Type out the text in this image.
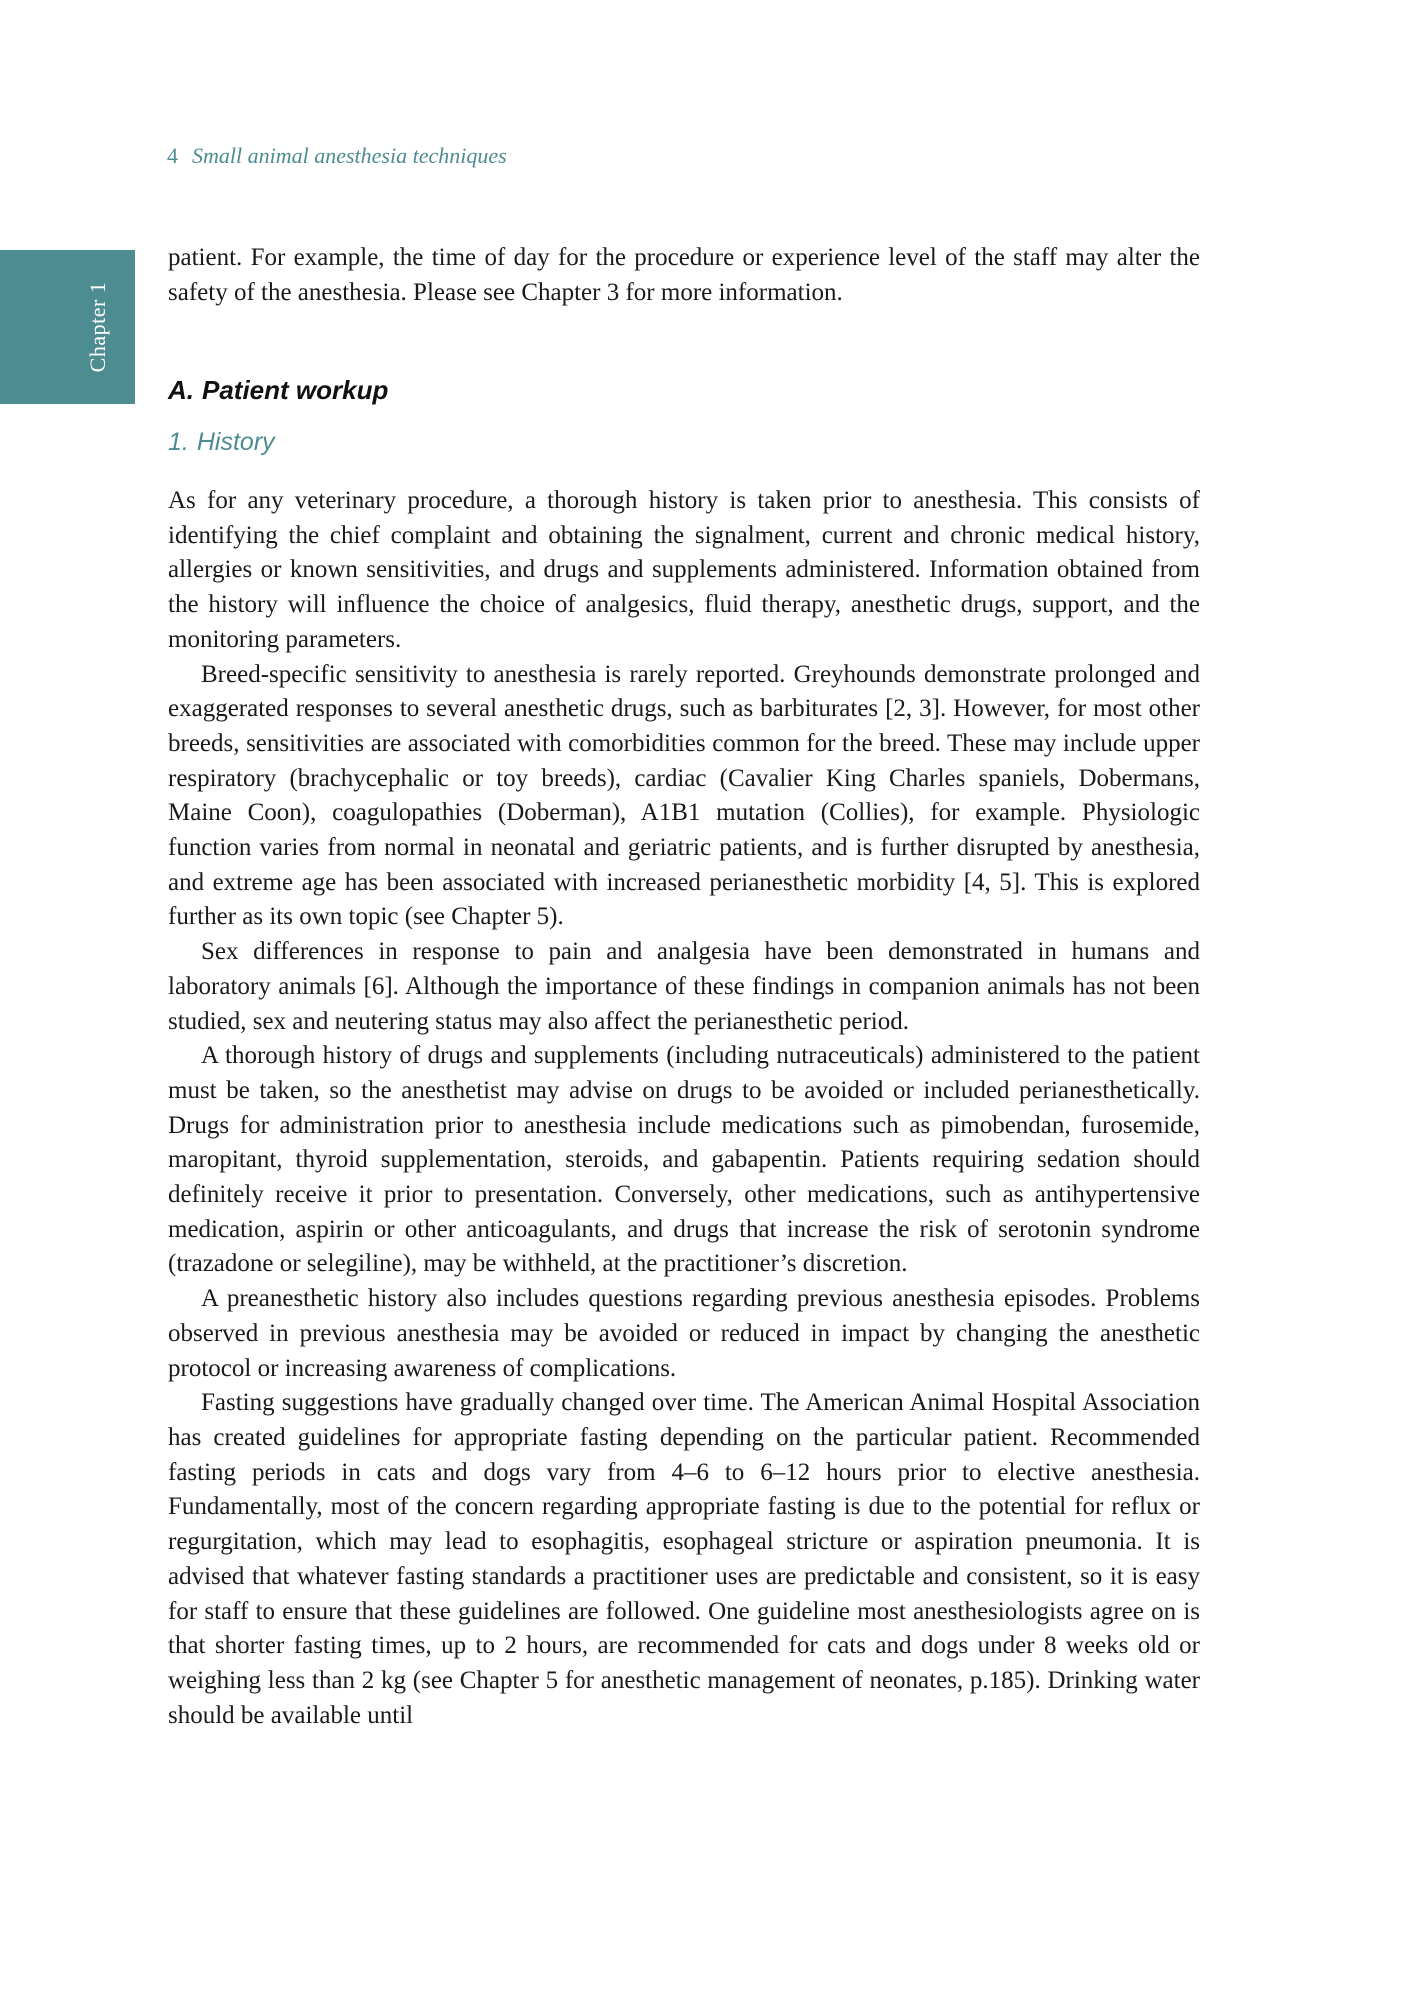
4 Small animal anesthesia techniques
Chapter 1
patient. For example, the time of day for the procedure or experience level of the staff may alter the safety of the anesthesia. Please see Chapter 3 for more information.
A. Patient workup
1. History

As for any veterinary procedure, a thorough history is taken prior to anesthesia. This consists of identifying the chief complaint and obtaining the signalment, current and chronic medical history, allergies or known sensitivities, and drugs and supplements administered. Information obtained from the history will influence the choice of analgesics, fluid therapy, anesthetic drugs, support, and the monitoring parameters.

Breed-specific sensitivity to anesthesia is rarely reported. Greyhounds demonstrate prolonged and exaggerated responses to several anesthetic drugs, such as barbiturates [2, 3]. However, for most other breeds, sensitivities are associated with comorbidities common for the breed. These may include upper respiratory (brachycephalic or toy breeds), cardiac (Cavalier King Charles spaniels, Dobermans, Maine Coon), coagulopathies (Doberman), A1B1 mutation (Collies), for example. Physiologic function varies from normal in neonatal and geriatric patients, and is further disrupted by anesthesia, and extreme age has been associated with increased perianesthetic morbidity [4, 5]. This is explored further as its own topic (see Chapter 5).

Sex differences in response to pain and analgesia have been demonstrated in humans and laboratory animals [6]. Although the importance of these findings in companion animals has not been studied, sex and neutering status may also affect the perianesthetic period.

A thorough history of drugs and supplements (including nutraceuticals) administered to the patient must be taken, so the anesthetist may advise on drugs to be avoided or included perianesthetically. Drugs for administration prior to anesthesia include medications such as pimobendan, furosemide, maropitant, thyroid supplementation, steroids, and gabapentin. Patients requiring sedation should definitely receive it prior to presentation. Conversely, other medications, such as antihypertensive medication, aspirin or other anticoagulants, and drugs that increase the risk of serotonin syndrome (trazadone or selegiline), may be withheld, at the practitioner’s discretion.

A preanesthetic history also includes questions regarding previous anesthesia episodes. Problems observed in previous anesthesia may be avoided or reduced in impact by changing the anesthetic protocol or increasing awareness of complications.

Fasting suggestions have gradually changed over time. The American Animal Hospital Association has created guidelines for appropriate fasting depending on the particular patient. Recommended fasting periods in cats and dogs vary from 4–6 to 6–12 hours prior to elective anesthesia. Fundamentally, most of the concern regarding appropriate fasting is due to the potential for reflux or regurgitation, which may lead to esophagitis, esophageal stricture or aspiration pneumonia. It is advised that whatever fasting standards a practitioner uses are predictable and consistent, so it is easy for staff to ensure that these guidelines are followed. One guideline most anesthesiologists agree on is that shorter fasting times, up to 2 hours, are recommended for cats and dogs under 8 weeks old or weighing less than 2 kg (see Chapter 5 for anesthetic management of neonates, p.185). Drinking water should be available until
